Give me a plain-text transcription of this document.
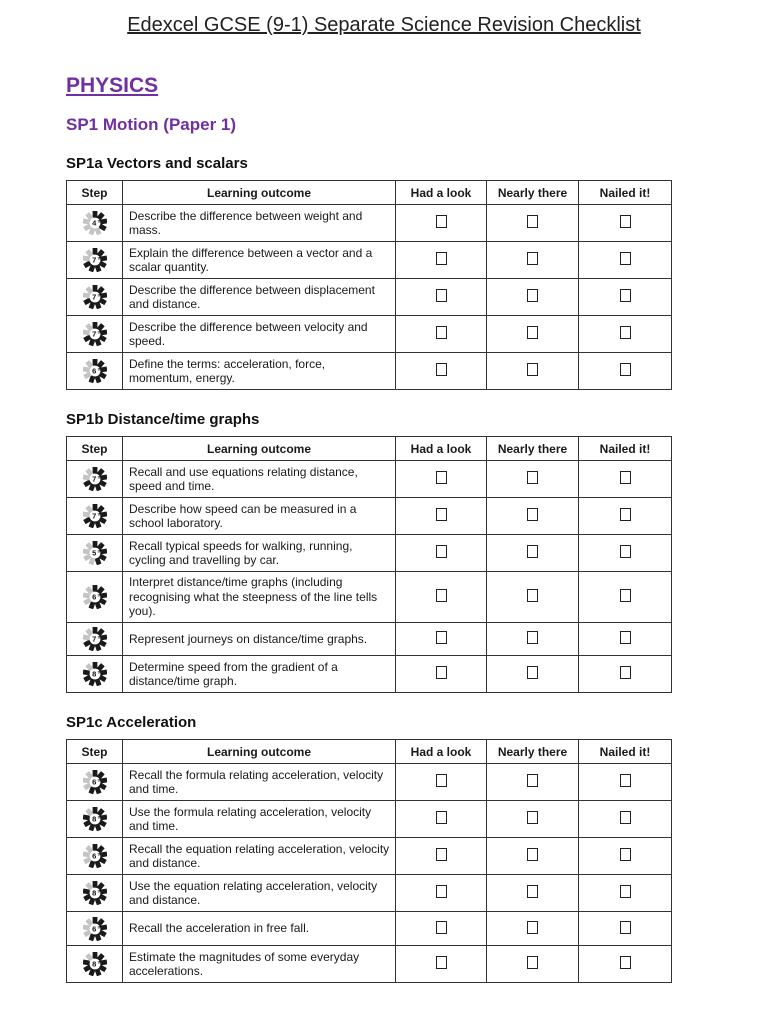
Edexcel GCSE (9-1) Separate Science Revision Checklist
PHYSICS
SP1 Motion (Paper 1)
SP1a Vectors and scalars
Step	Learning outcome	Had a look	Nearly there	Nailed it!

4 th	Describe the difference between weight and mass.			

7 th	Explain the difference between a vector and a scalar quantity.			

7 th	Describe the difference between displacement and distance.			

7 th	Describe the difference between velocity and speed.			

6 th	Define the terms: acceleration, force, momentum, energy.			
SP1b Distance/time graphs
Step	Learning outcome	Had a look	Nearly there	Nailed it!

7 th	Recall and use equations relating distance, speed and time.			

7 th	Describe how speed can be measured in a school laboratory.			

5 th	Recall typical speeds for walking, running, cycling and travelling by car.			

6 th	Interpret distance/time graphs (including recognising what the steepness of the line tells you).			

7 th	Represent journeys on distance/time graphs.			

8 th	Determine speed from the gradient of a distance/time graph.			
SP1c Acceleration
Step	Learning outcome	Had a look	Nearly there	Nailed it!

6 th	Recall the formula relating acceleration, velocity and time.			

8 th	Use the formula relating acceleration, velocity and time.			

6 th	Recall the equation relating acceleration, velocity and distance.			

8 th	Use the equation relating acceleration, velocity and distance.			

6 th	Recall the acceleration in free fall.			

8 th	Estimate the magnitudes of some everyday accelerations.			
